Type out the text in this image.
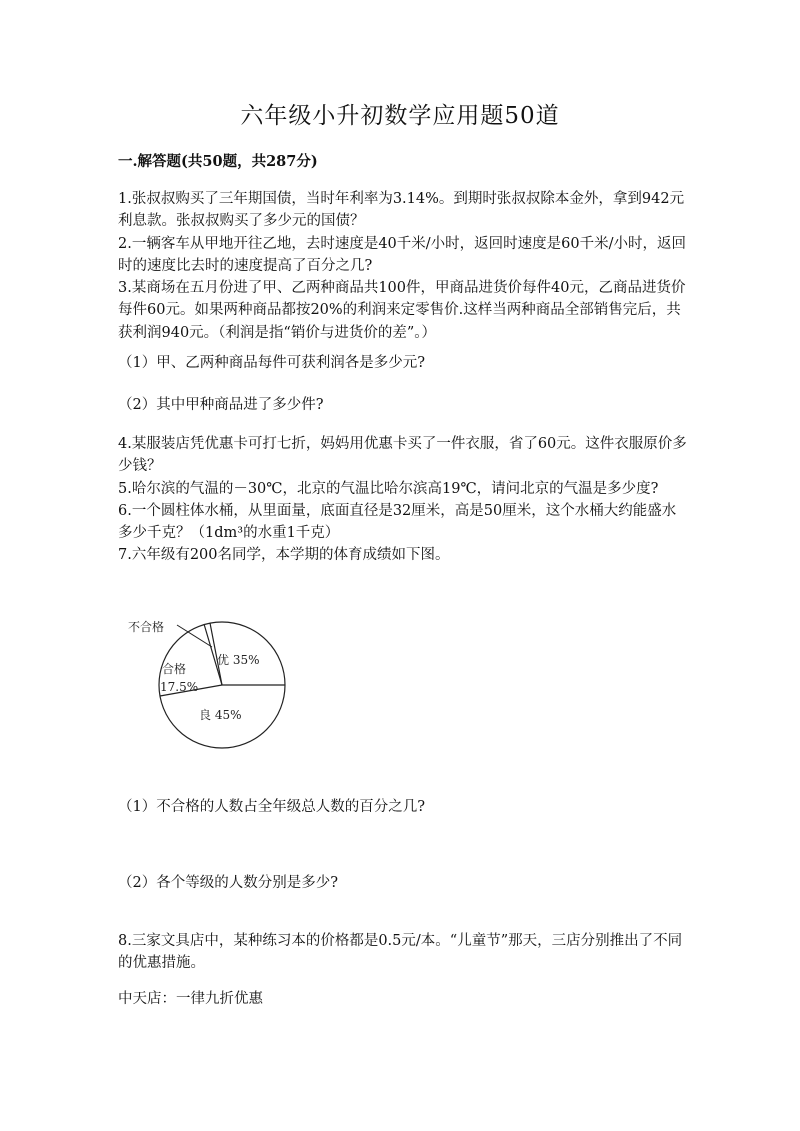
六年级小升初数学应用题50道
一.解答题(共50题，共287分)

1.张叔叔购买了三年期国债，当时年利率为3.14%。到期时张叔叔除本金外，拿到942元利息款。张叔叔购买了多少元的国债？

2.一辆客车从甲地开往乙地，去时速度是40千米/小时，返回时速度是60千米/小时，返回时的速度比去时的速度提高了百分之几?

3.某商场在五月份进了甲、乙两种商品共100件，甲商品进货价每件40元，乙商品进货价每件60元。如果两种商品都按20%的利润来定零售价.这样当两种商品全部销售完后，共获利润940元。（利润是指“销价与进货价的差”。）

（1）甲、乙两种商品每件可获利润各是多少元?

（2）其中甲种商品进了多少件?

4.某服装店凭优惠卡可打七折，妈妈用优惠卡买了一件衣服，省了60元。这件衣服原价多少钱？

5.哈尔滨的气温的－30℃，北京的气温比哈尔滨高19℃，请问北京的气温是多少度?

6.一个圆柱体水桶，从里面量，底面直径是32厘米，高是50厘米，这个水桶大约能盛水多少千克？（1dm³的水重1千克）

7.六年级有200名同学，本学期的体育成绩如下图。

不合格
优 35%
合格
17.5%
良 45%

（1）不合格的人数占全年级总人数的百分之几?

（2）各个等级的人数分别是多少?

8.三家文具店中，某种练习本的价格都是0.5元/本。“儿童节”那天，三店分别推出了不同的优惠措施。

中天店：一律九折优惠
